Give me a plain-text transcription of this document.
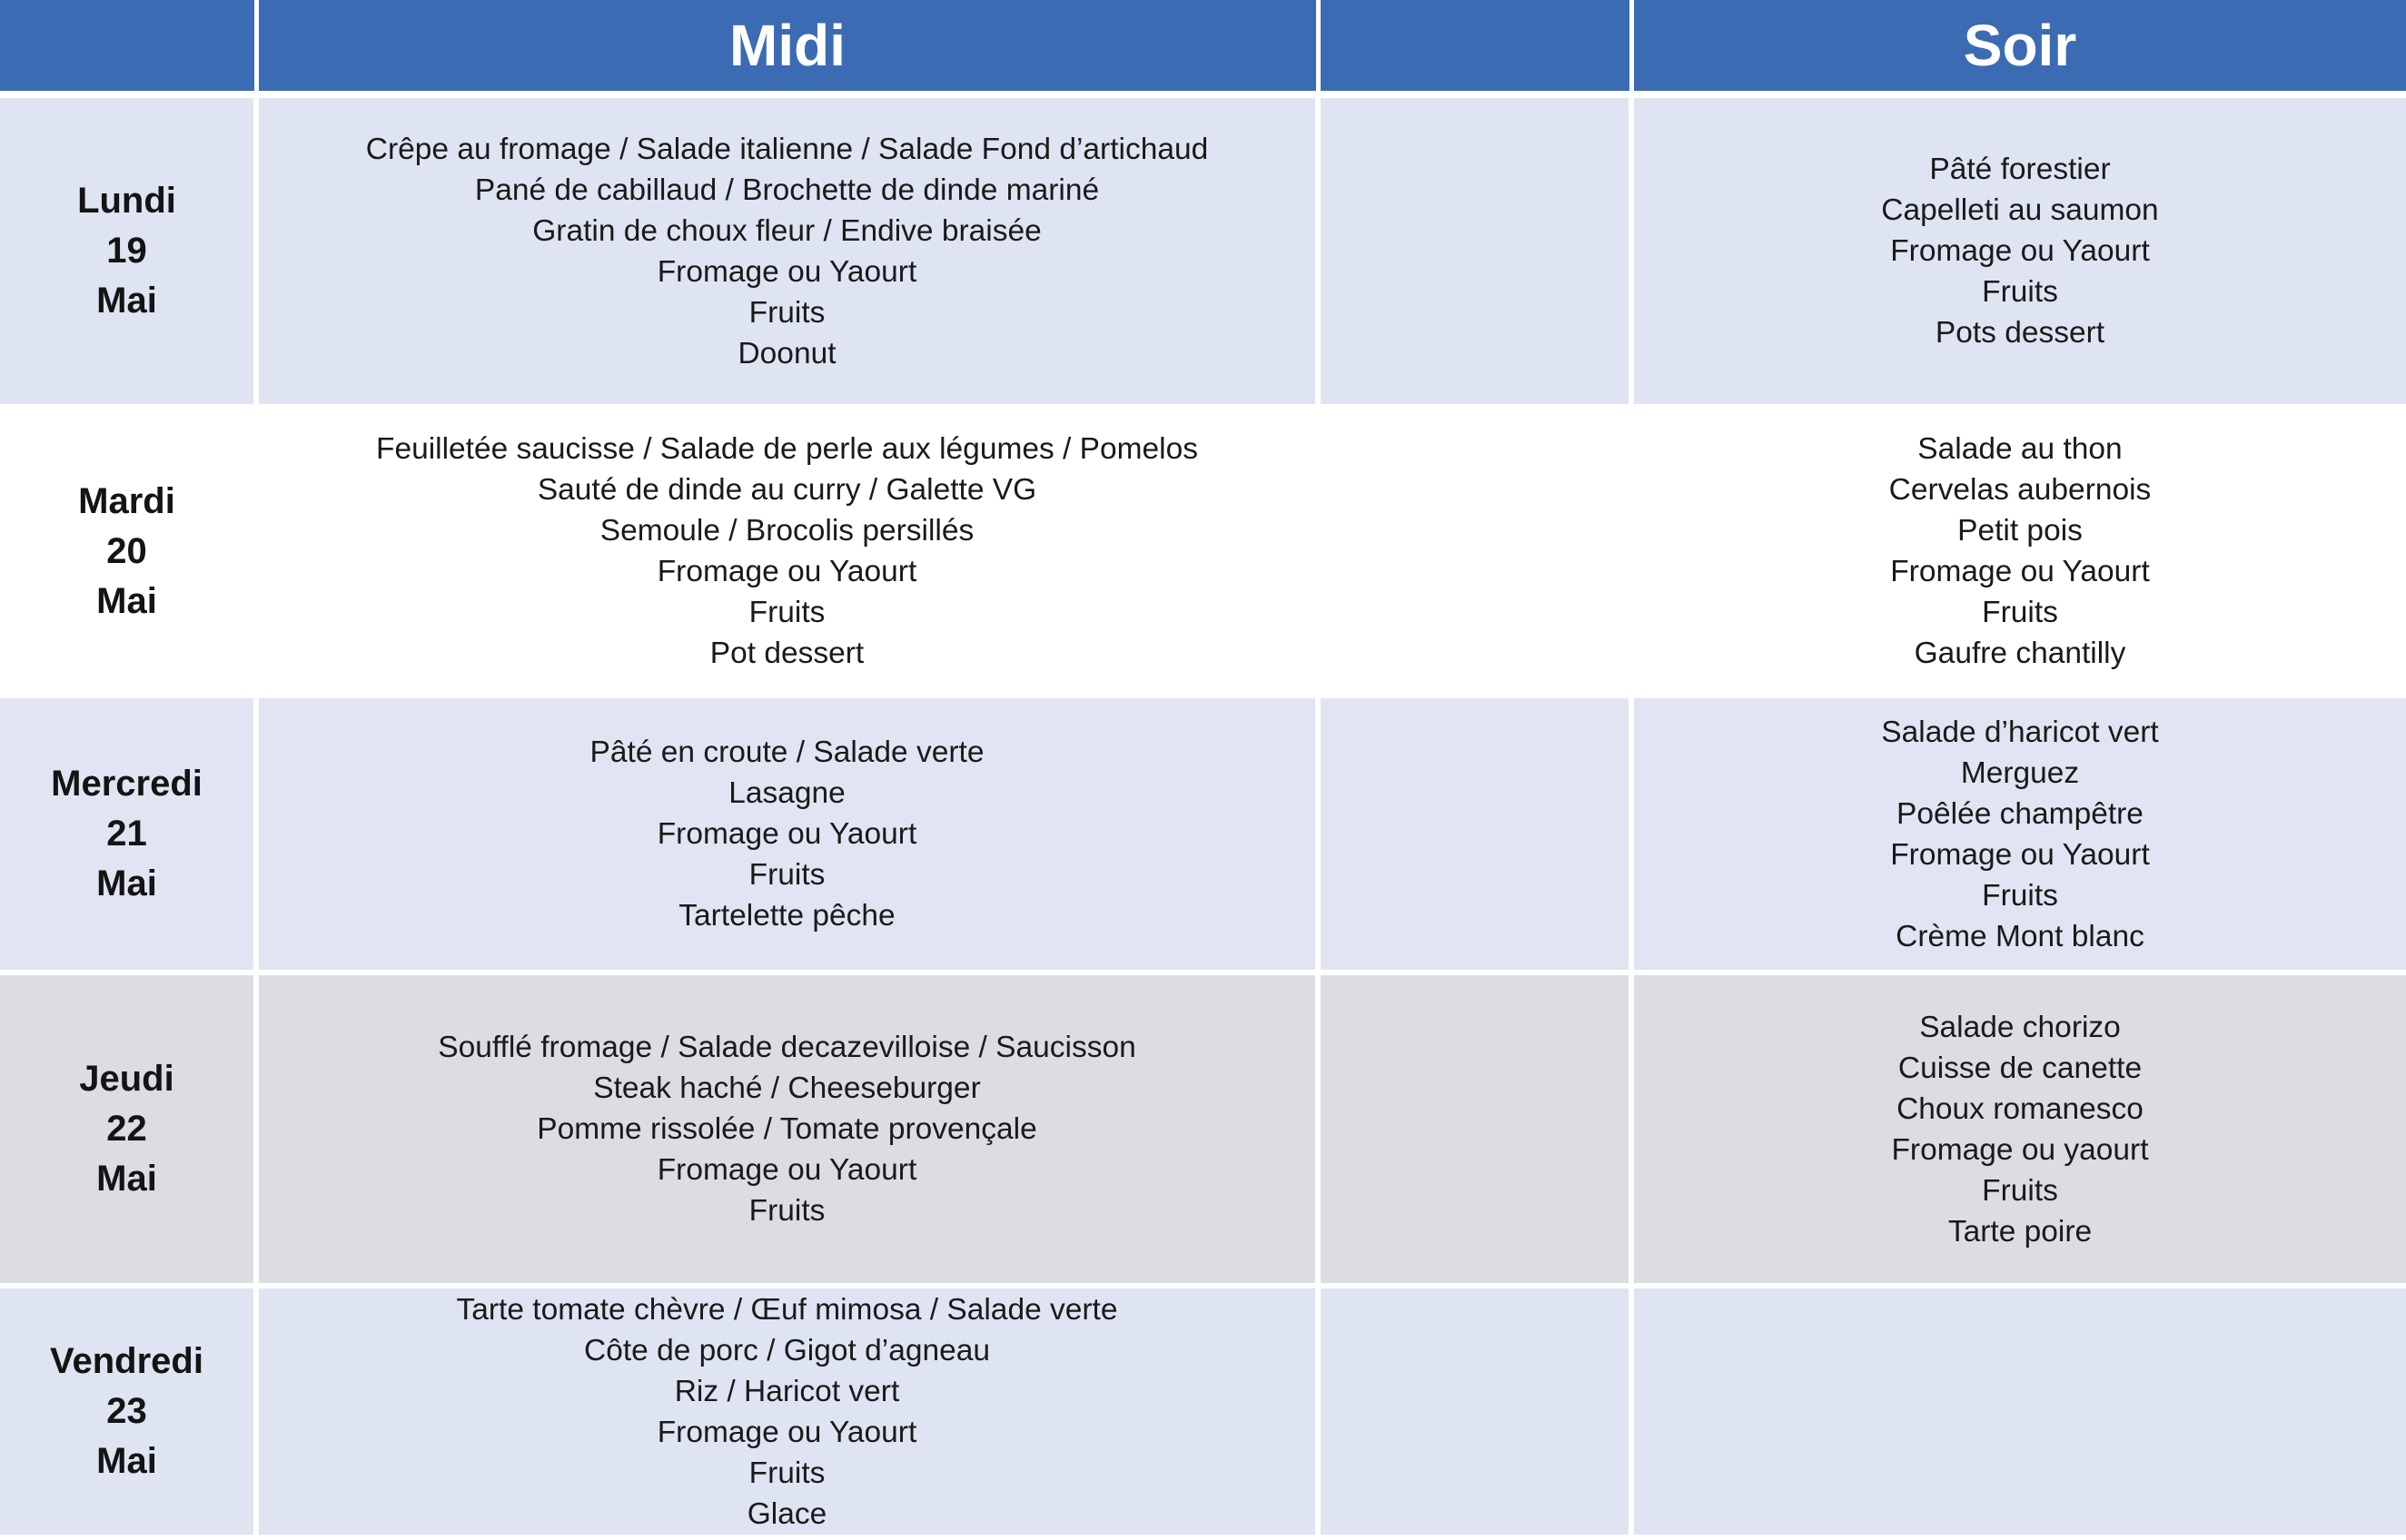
Midi	Soir
Lundi
19
Mai
Crêpe au fromage / Salade italienne / Salade Fond d’artichaud
Pané de cabillaud / Brochette de dinde mariné
Gratin de choux fleur / Endive braisée
Fromage ou Yaourt
Fruits
Doonut
Pâté forestier
Capelleti au saumon
Fromage ou Yaourt
Fruits
Pots dessert
Mardi
20
Mai
Feuilletée saucisse / Salade de perle aux légumes / Pomelos
Sauté de dinde au curry / Galette VG
Semoule / Brocolis persillés
Fromage ou Yaourt
Fruits
Pot dessert
Salade au thon
Cervelas aubernois
Petit pois
Fromage ou Yaourt
Fruits
Gaufre chantilly
Mercredi
21
Mai
Pâté en croute / Salade verte
Lasagne
Fromage ou Yaourt
Fruits
Tartelette pêche
Salade d’haricot vert
Merguez
Poêlée champêtre
Fromage ou Yaourt
Fruits
Crème Mont blanc
Jeudi
22
Mai
Soufflé fromage / Salade decazevilloise / Saucisson
Steak haché / Cheeseburger
Pomme rissolée / Tomate provençale
Fromage ou Yaourt
Fruits
Salade chorizo
Cuisse de canette
Choux romanesco
Fromage ou yaourt
Fruits
Tarte poire
Vendredi
23
Mai
Tarte tomate chèvre / Œuf mimosa / Salade verte
Côte de porc / Gigot d’agneau
Riz / Haricot vert
Fromage ou Yaourt
Fruits
Glace
